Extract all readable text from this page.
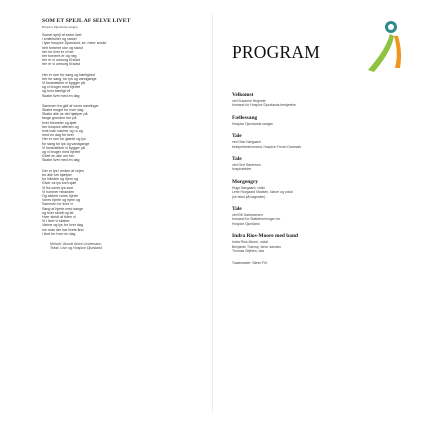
SOM ET SPEJL AF SELVE LIVET
Hospice Djursland sangen
Somet spejl af selve livet
i smilehuller og varsel
i lyse hospice Djursland, se, meer smukt
helt fornemt stor og stand
her for livet er vi her
her fornemt er og neg
her er vi omsorg til sidst
her er vi omsorg til sidst
Her er rum for sang og kærlighed
her for sang, for lys og vandgange
Vi forstrækker vi bygger på
og vi bruger med hjertet
og hvor kærligt vil
Skabe livet med en dag
Sammen fra gidt af vores samlinger
Skabe meget for hver dag
Skabe alle os det hjælper på
fange grunden her på
hver blomster og sjæl
her hospice aftenen og
hvis man varmer og ro og
med en dag for livet
Her er rum for glæde og lys
for sang for lys og vandgange
Vi forstrækker vi bygger på
og vi bruger med hjertet
Givet en alle om her
Skabe livet med en dag
Der er lys i enden af vejen
for alle om hjælper
for hånden og hjem og
Giver os lys som sjæl
Vi fra vores lys som
Vi rummer hinanden
Og sikkert vores hjerte
Vores hjerte og hjem og
Sammen for livet vi
Sang af hjerte med sange
og hver skridt og tid
Hver skridt af tiden vi
Vi i livet vi skaber
Varme og lys for hver dag
om man der har livets ånd
i livet for hver en dag
Melodi: Ukrudt Arent Lindemann
Tekst: Lise og Hospice Djursland
PROGRAM
Velkomst
ved Susanne Hegnete
formand for Hospice Djurslands bestyrelse
Fællessang
Hospice Djurslands sangen
Tale
ved Olav Nørgaard
bestyrelsesformand, Hospice Forum Danmark
Tale
ved Gert Sørensen
hospiceleder
Morgengry
Hugo Nørgaard, violin
Lene Hovgaard Madsen, klaver og vokal
(se tekst på bagsiden)
Tale
ved Elli Salomonsen
formand for Støtteforeningen for
Hospice Djursland
Indra Rios-Moore med band
Indra Rios-Moore, vokal
Benjamin Traerup, tenor saxofon
Thomas Sejthen, bas
Toastmaster: Steen Frit
